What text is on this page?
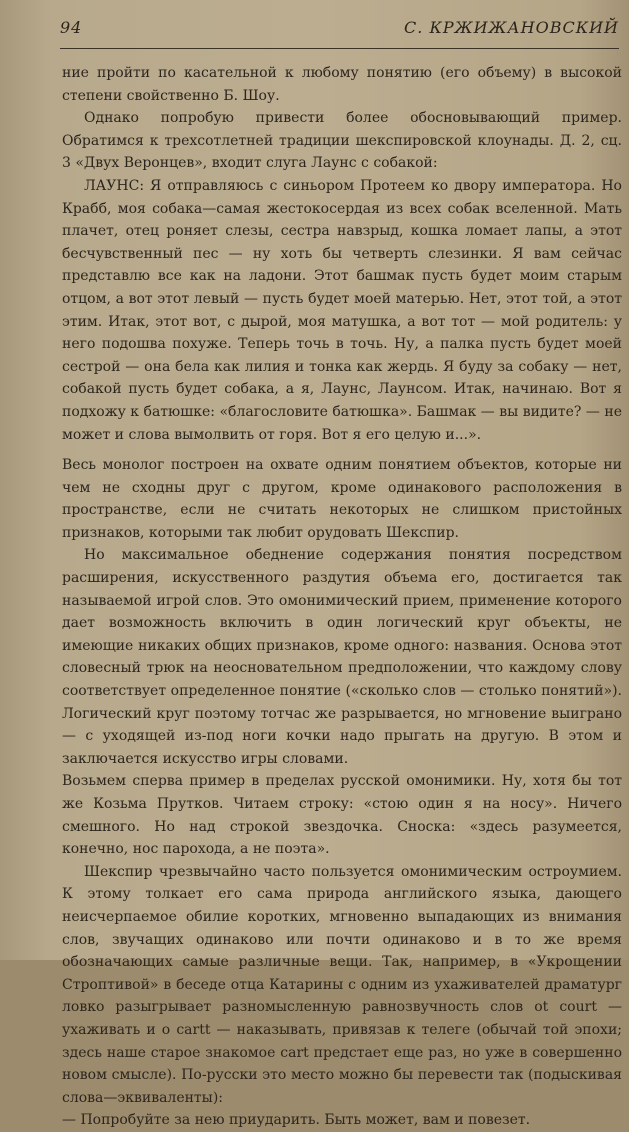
94	С. КРЖИЖАНОВСКИЙ

ние пройти по касательной к любому понятию (его объему) в высокой степени свойственно Б. Шоу.

Однако попробую привести более обосновывающий пример. Обратимся к трехсотлетней традиции шекспировской клоунады. Д. 2, сц. 3 «Двух Веронцев», входит слуга Лаунс с собакой:

ЛАУНС: Я отправляюсь с синьором Протеем ко двору императора. Но Крабб, моя собака—самая жестокосердая из всех собак вселенной. Мать плачет, отец роняет слезы, сестра навзрыд, кошка ломает лапы, а этот бесчувственный пес — ну хоть бы четверть слезинки. Я вам сейчас представлю все как на ладони. Этот башмак пусть будет моим старым отцом, а вот этот левый — пусть будет моей матерью. Нет, этот той, а этот этим. Итак, этот вот, с дырой, моя матушка, а вот тот — мой родитель: у него подошва похуже. Теперь точь в точь. Ну, а палка пусть будет моей сестрой — она бела как лилия и тонка как жердь. Я буду за собаку — нет, собакой пусть будет собака, а я, Лаунс, Лаунсом. Итак, начинаю. Вот я подхожу к батюшке: «благословите батюшка». Башмак — вы видите? — не может и слова вымолвить от горя. Вот я его целую и...».

Весь монолог построен на охвате одним понятием объектов, которые ни чем не сходны друг с другом, кроме одинакового расположения в пространстве, если не считать некоторых не слишком пристойных признаков, которыми так любит орудовать Шекспир.

Но максимальное обеднение содержания понятия посредством расширения, искусственного раздутия объема его, достигается так называемой игрой слов. Это омонимический прием, применение которого дает возможность включить в один логический круг объекты, не имеющие никаких общих признаков, кроме одного: названия. Основа этот словесный трюк на неосновательном предположении, что каждому слову соответствует определенное понятие («сколько слов — столько понятий»). Логический круг поэтому тотчас же разрывается, но мгновение выиграно — с уходящей из-под ноги кочки надо прыгать на другую. В этом и заключается искусство игры словами.

Возьмем сперва пример в пределах русской омонимики. Ну, хотя бы тот же Козьма Прутков. Читаем строку: «стою один я на носу». Ничего смешного. Но над строкой звездочка. Сноска: «здесь разумеется, конечно, нос парохода, а не поэта».

Шекспир чрезвычайно часто пользуется омонимическим остроумием. К этому толкает его сама природа английского языка, дающего неисчерпаемое обилие коротких, мгновенно выпадающих из внимания слов, звучащих одинаково или почти одинаково и в то же время обозначающих самые различные вещи. Так, например, в «Укрощении Строптивой» в беседе отца Катарины с одним из ухаживателей драматург ловко разыгрывает разномысленную равнозвучность слов ot court — ухаживать и o cartt — наказывать, привязав к телеге (обычай той эпохи; здесь наше старое знакомое cart предстает еще раз, но уже в совершенно новом смысле). По-русски это место можно бы перевести так (подыскивая слова—эквиваленты):

— Попробуйте за нею приударить. Быть может, вам и повезет.
